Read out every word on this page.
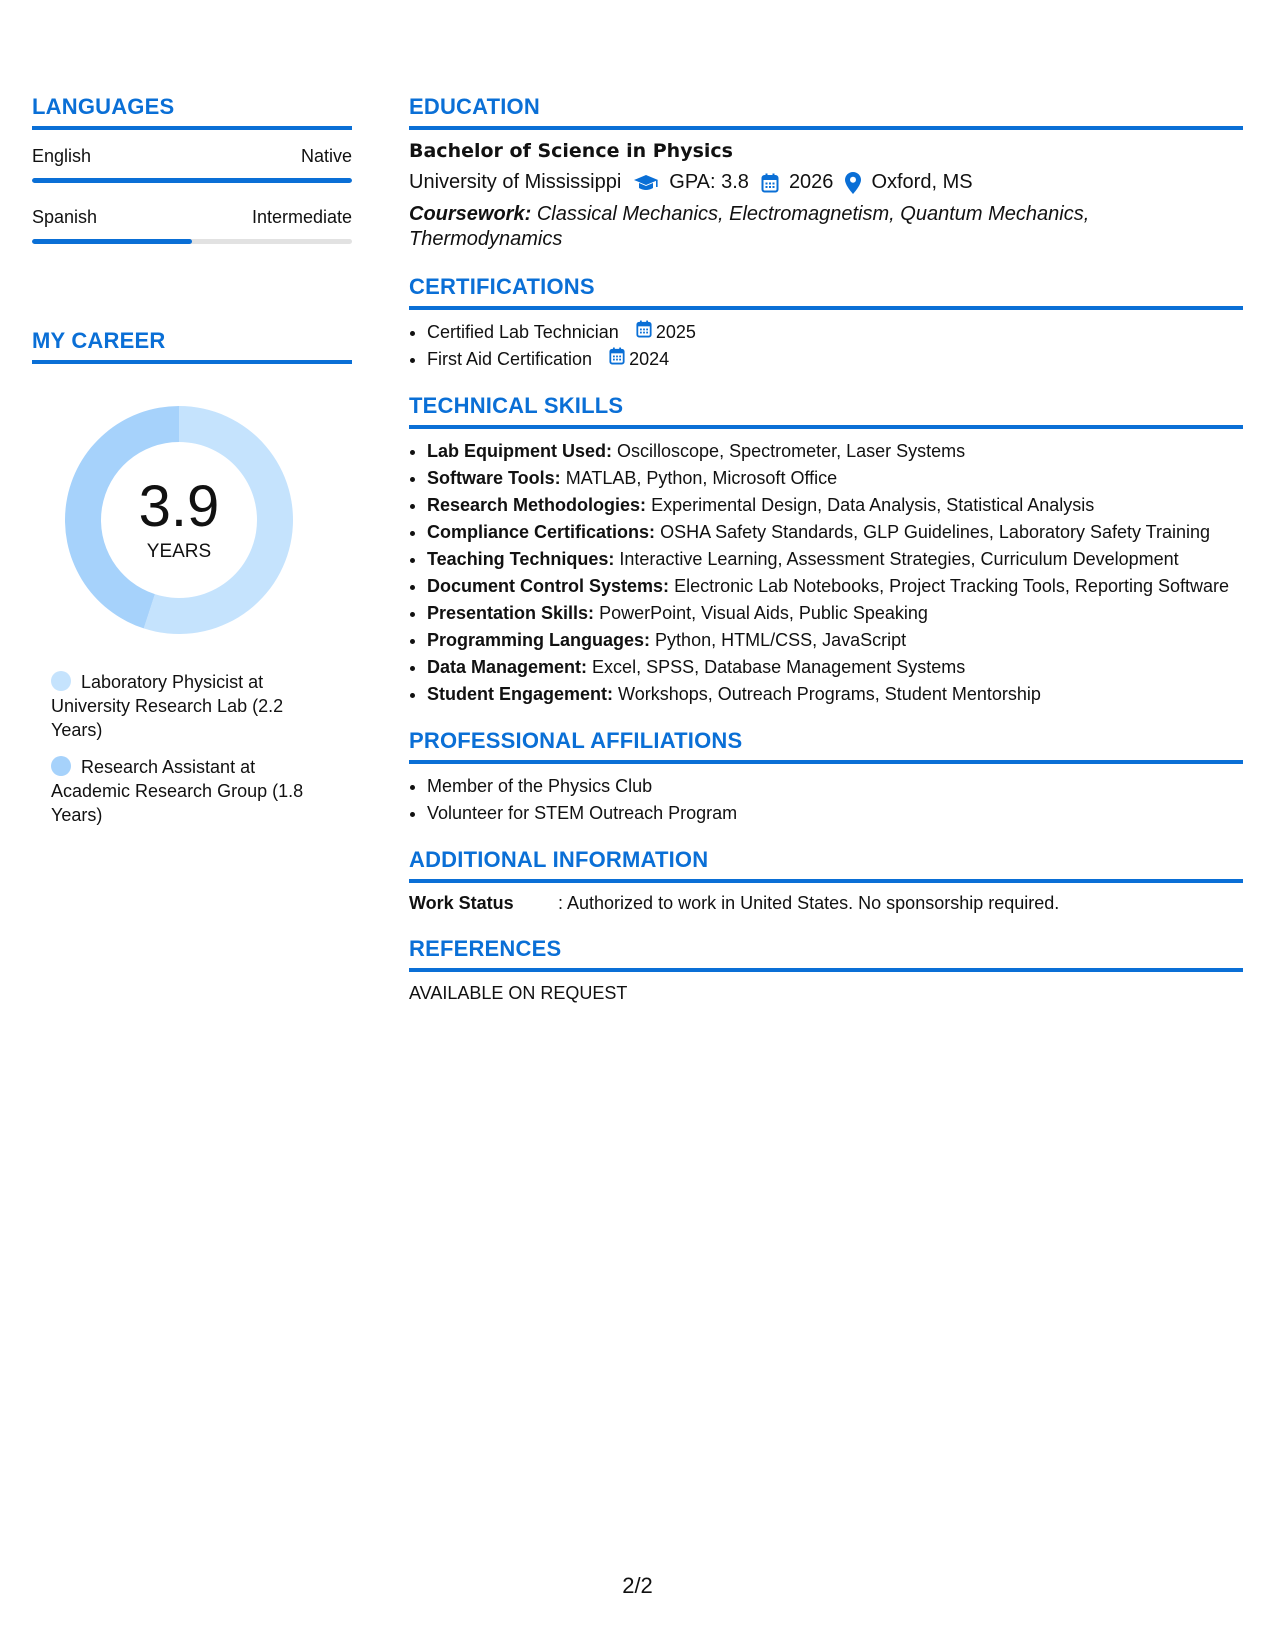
LANGUAGES
English	Native
Spanish	Intermediate
MY CAREER
3.9
YEARS
Laboratory Physicist at University Research Lab (2.2 Years)
Research Assistant at Academic Research Group (1.8 Years)
EDUCATION
Bachelor of Science in Physics
University of Mississippi GPA: 3.8 2026 Oxford, MS
Coursework: Classical Mechanics, Electromagnetism, Quantum Mechanics, Thermodynamics
CERTIFICATIONS
• Certified Lab Technician 2025
• First Aid Certification 2024
TECHNICAL SKILLS
• Lab Equipment Used: Oscilloscope, Spectrometer, Laser Systems
• Software Tools: MATLAB, Python, Microsoft Office
• Research Methodologies: Experimental Design, Data Analysis, Statistical Analysis
• Compliance Certifications: OSHA Safety Standards, GLP Guidelines, Laboratory Safety Training
• Teaching Techniques: Interactive Learning, Assessment Strategies, Curriculum Development
• Document Control Systems: Electronic Lab Notebooks, Project Tracking Tools, Reporting Software
• Presentation Skills: PowerPoint, Visual Aids, Public Speaking
• Programming Languages: Python, HTML/CSS, JavaScript
• Data Management: Excel, SPSS, Database Management Systems
• Student Engagement: Workshops, Outreach Programs, Student Mentorship
PROFESSIONAL AFFILIATIONS
• Member of the Physics Club
• Volunteer for STEM Outreach Program
ADDITIONAL INFORMATION
Work Status	: Authorized to work in United States. No sponsorship required.
REFERENCES
AVAILABLE ON REQUEST
2/2
